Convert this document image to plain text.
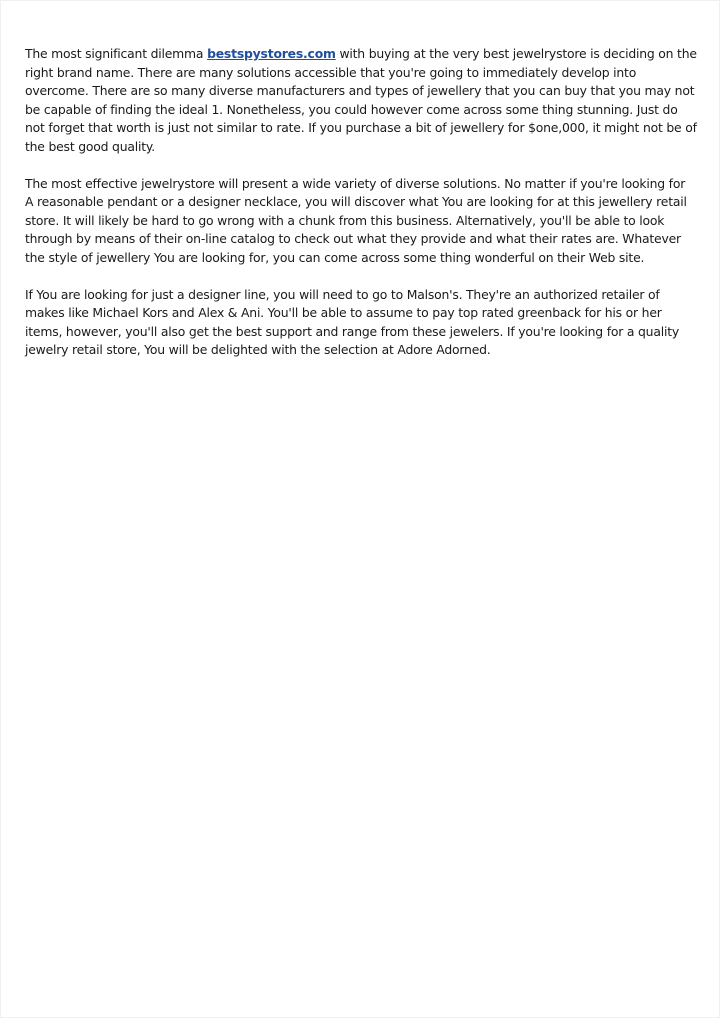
The most significant dilemma bestspystores.com with buying at the very best jewelrystore is deciding on the right brand name. There are many solutions accessible that you're going to immediately develop into overcome. There are so many diverse manufacturers and types of jewellery that you can buy that you may not be capable of finding the ideal 1. Nonetheless, you could however come across some thing stunning. Just do not forget that worth is just not similar to rate. If you purchase a bit of jewellery for $one,000, it might not be of the best good quality.

The most effective jewelrystore will present a wide variety of diverse solutions. No matter if you're looking for A reasonable pendant or a designer necklace, you will discover what You are looking for at this jewellery retail store. It will likely be hard to go wrong with a chunk from this business. Alternatively, you'll be able to look through by means of their on-line catalog to check out what they provide and what their rates are. Whatever the style of jewellery You are looking for, you can come across some thing wonderful on their Web site.

If You are looking for just a designer line, you will need to go to Malson's. They're an authorized retailer of makes like Michael Kors and Alex & Ani. You'll be able to assume to pay top rated greenback for his or her items, however, you'll also get the best support and range from these jewelers. If you're looking for a quality jewelry retail store, You will be delighted with the selection at Adore Adorned.
